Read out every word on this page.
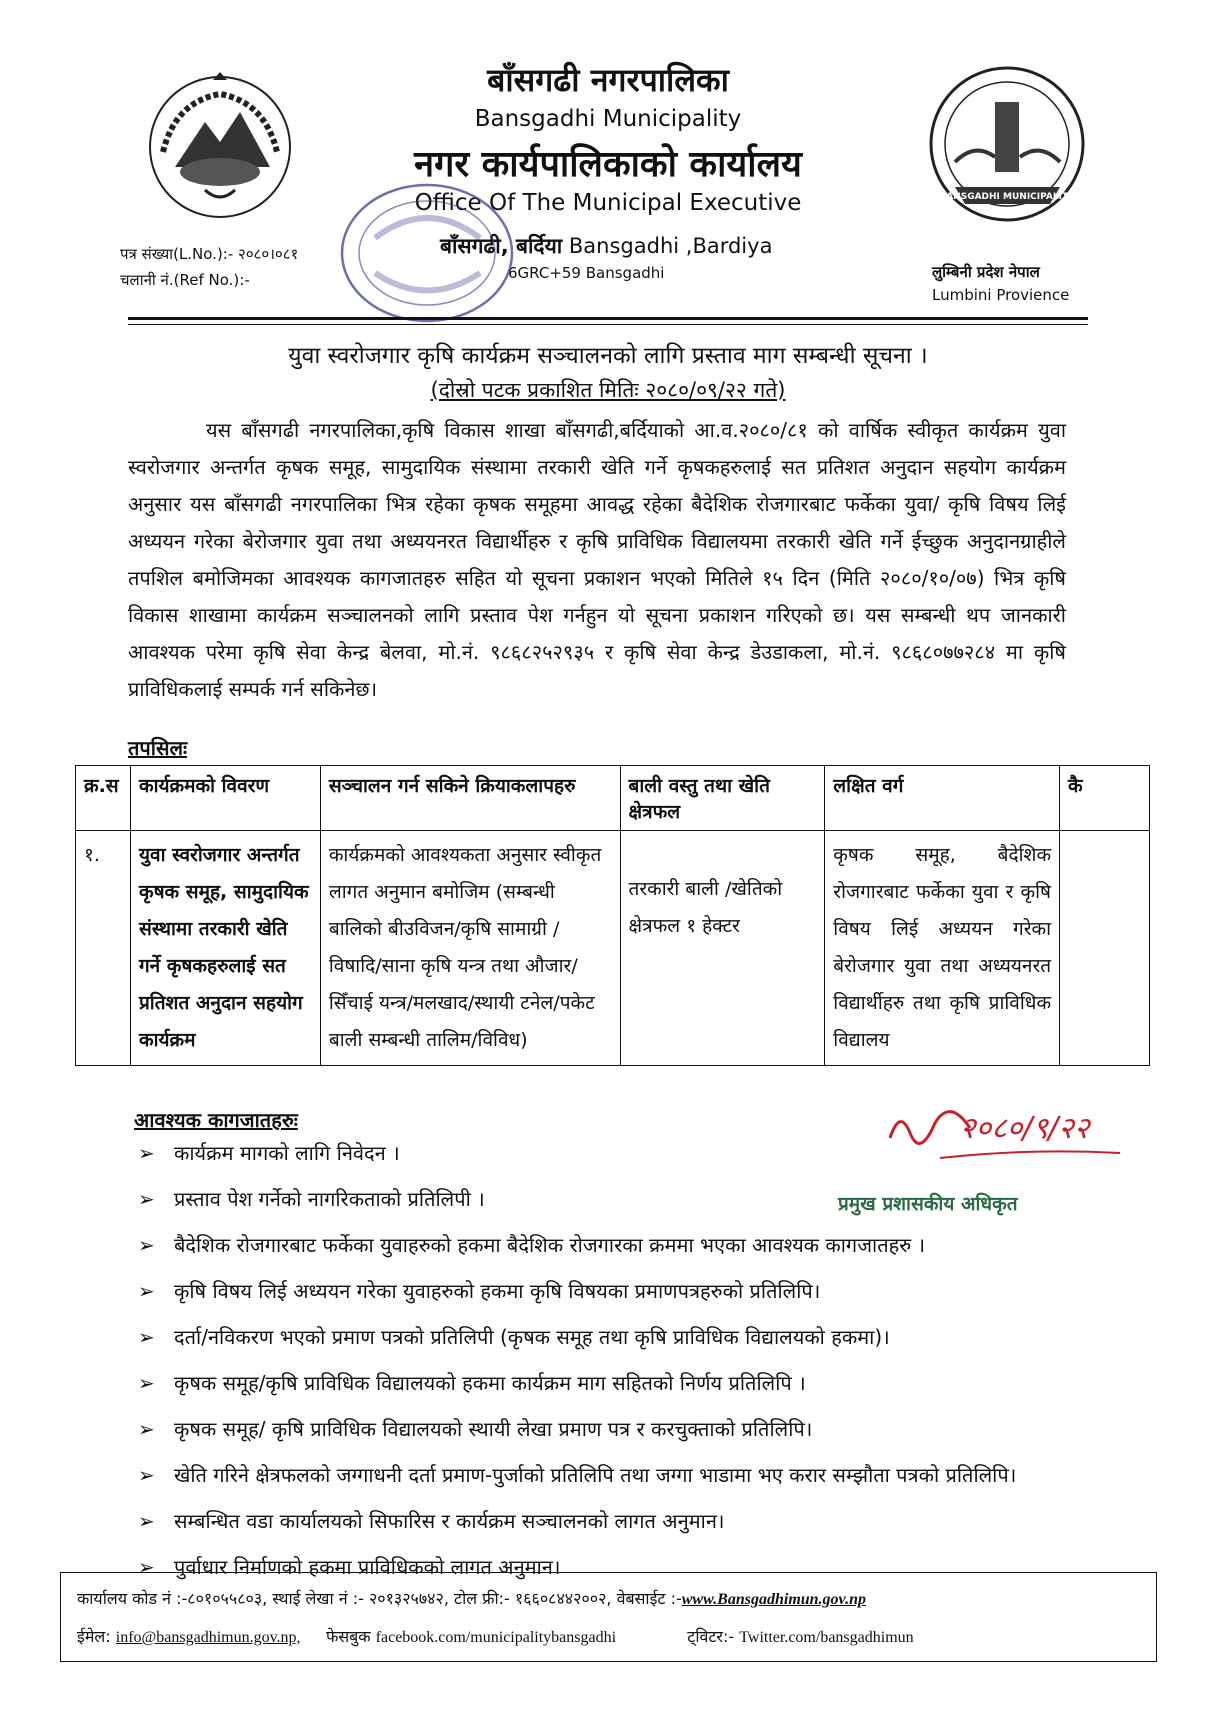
BANSGADHI MUNICIPALITY
बाँसगढी नगरपालिका
Bansgadhi Municipality
नगर कार्यपालिकाको कार्यालय
Office Of The Municipal Executive
बाँसगढी, बर्दिया Bansgadhi ,Bardiya
6GRC+59 Bansgadhi
पत्र संख्या(L.No.):- २०८०।०८१
चलानी नं.(Ref No.):-	लुम्बिनी प्रदेश नेपाल
Lumbini Provience
युवा स्वरोजगार कृषि कार्यक्रम सञ्चालनको लागि प्रस्ताव माग सम्बन्धी सूचना ।
(दोस्रो पटक प्रकाशित मितिः २०८०/०९/२२ गते)
यस बाँसगढी नगरपालिका,कृषि विकास शाखा बाँसगढी,बर्दियाको आ.व.२०८०/८१ को वार्षिक स्वीकृत कार्यक्रम युवा स्वरोजगार अन्तर्गत कृषक समूह, सामुदायिक संस्थामा तरकारी खेति गर्ने कृषकहरुलाई सत प्रतिशत अनुदान सहयोग कार्यक्रम अनुसार यस बाँसगढी नगरपालिका भित्र रहेका कृषक समूहमा आवद्ध रहेका बैदेशिक रोजगारबाट फर्केका युवा/ कृषि विषय लिई अध्ययन गरेका बेरोजगार युवा तथा अध्ययनरत विद्यार्थीहरु र कृषि प्राविधिक विद्यालयमा तरकारी खेति गर्ने ईच्छुक अनुदानग्राहीले तपशिल बमोजिमका आवश्यक कागजातहरु सहित यो सूचना प्रकाशन भएको मितिले १५ दिन (मिति २०८०/१०/०७) भित्र कृषि विकास शाखामा कार्यक्रम सञ्चालनको लागि प्रस्ताव पेश गर्नहुन यो सूचना प्रकाशन गरिएको छ। यस सम्बन्धी थप जानकारी आवश्यक परेमा कृषि सेवा केन्द्र बेलवा, मो.नं. ९८६८२५२९३५ र कृषि सेवा केन्द्र डेउडाकला, मो.नं. ९८६८०७७२८४ मा कृषि प्राविधिकलाई सम्पर्क गर्न सकिनेछ।
तपसिलः
क्र.स	कार्यक्रमको विवरण	सञ्चालन गर्न सकिने क्रियाकलापहरु	बाली वस्तु तथा खेति क्षेत्रफल	लक्षित वर्ग	कै
१.	युवा स्वरोजगार अन्तर्गत कृषक समूह, सामुदायिक संस्थामा तरकारी खेति गर्ने कृषकहरुलाई सत प्रतिशत अनुदान सहयोग कार्यक्रम	कार्यक्रमको आवश्यकता अनुसार स्वीकृत लागत अनुमान बमोजिम (सम्बन्धी बालिको बीउविजन/कृषि सामाग्री /विषादि/साना कृषि यन्त्र तथा औजार/सिँचाई यन्त्र/मलखाद/स्थायी टनेल/पकेट बाली सम्बन्धी तालिम/विविध)	तरकारी बाली /खेतिको क्षेत्रफल १ हेक्टर	कृषक समूह, बैदेशिक रोजगारबाट फर्केका युवा र कृषि विषय लिई अध्ययन गरेका बेरोजगार युवा तथा अध्ययनरत विद्यार्थीहरु तथा कृषि प्राविधिक विद्यालय	
आवश्यक कागजातहरुः
➢ कार्यक्रम मागको लागि निवेदन ।
➢ प्रस्ताव पेश गर्नेको नागरिकताको प्रतिलिपी ।
➢ बैदेशिक रोजगारबाट फर्केका युवाहरुको हकमा बैदेशिक रोजगारका क्रममा भएका आवश्यक कागजातहरु ।
➢ कृषि विषय लिई अध्ययन गरेका युवाहरुको हकमा कृषि विषयका प्रमाणपत्रहरुको प्रतिलिपि।
➢ दर्ता/नविकरण भएको प्रमाण पत्रको प्रतिलिपी (कृषक समूह तथा कृषि प्राविधिक विद्यालयको हकमा)।
➢ कृषक समूह/कृषि प्राविधिक विद्यालयको हकमा कार्यक्रम माग सहितको निर्णय प्रतिलिपि ।
➢ कृषक समूह/ कृषि प्राविधिक विद्यालयको स्थायी लेखा प्रमाण पत्र र करचुक्ताको प्रतिलिपि।
➢ खेति गरिने क्षेत्रफलको जग्गाधनी दर्ता प्रमाण-पुर्जाको प्रतिलिपि तथा जग्गा भाडामा भए करार सम्झौता पत्रको प्रतिलिपि।
➢ सम्बन्धित वडा कार्यालयको सिफारिस र कार्यक्रम सञ्चालनको लागत अनुमान।
➢ पुर्वाधार निर्माणको हकमा प्राविधिकको लागत अनुमान।
२०८०/९/२२
प्रमुख प्रशासकीय अधिकृत
कार्यालय कोड नं :-८०१०५५८०३, स्थाई लेखा नं :- २०१३२५७४२, टोल फ्री:- १६६०८४४२००२, वेबसाईट :-www.Bansgadhimun.gov.np
ईमेल: info@bansgadhimun.gov.np, फेसबुक facebook.com/municipalitybansgadhi	ट्विटर:- Twitter.com/bansgadhimun
